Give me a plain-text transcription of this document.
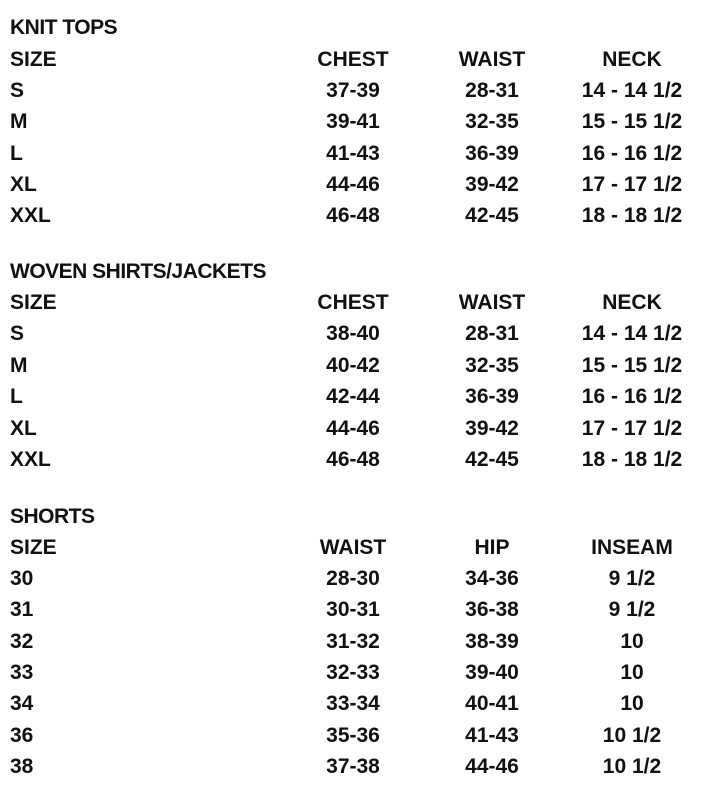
KNIT TOPS
SIZE	CHEST	WAIST	NECK
S	37-39	28-31	14 - 14 1/2
M	39-41	32-35	15 - 15 1/2
L	41-43	36-39	16 - 16 1/2
XL	44-46	39-42	17 - 17 1/2
XXL	46-48	42-45	18 - 18 1/2
WOVEN SHIRTS/JACKETS
SIZE	CHEST	WAIST	NECK
S	38-40	28-31	14 - 14 1/2
M	40-42	32-35	15 - 15 1/2
L	42-44	36-39	16 - 16 1/2
XL	44-46	39-42	17 - 17 1/2
XXL	46-48	42-45	18 - 18 1/2
SHORTS
SIZE	WAIST	HIP	INSEAM
30	28-30	34-36	9 1/2
31	30-31	36-38	9 1/2
32	31-32	38-39	10
33	32-33	39-40	10
34	33-34	40-41	10
36	35-36	41-43	10 1/2
38	37-38	44-46	10 1/2
